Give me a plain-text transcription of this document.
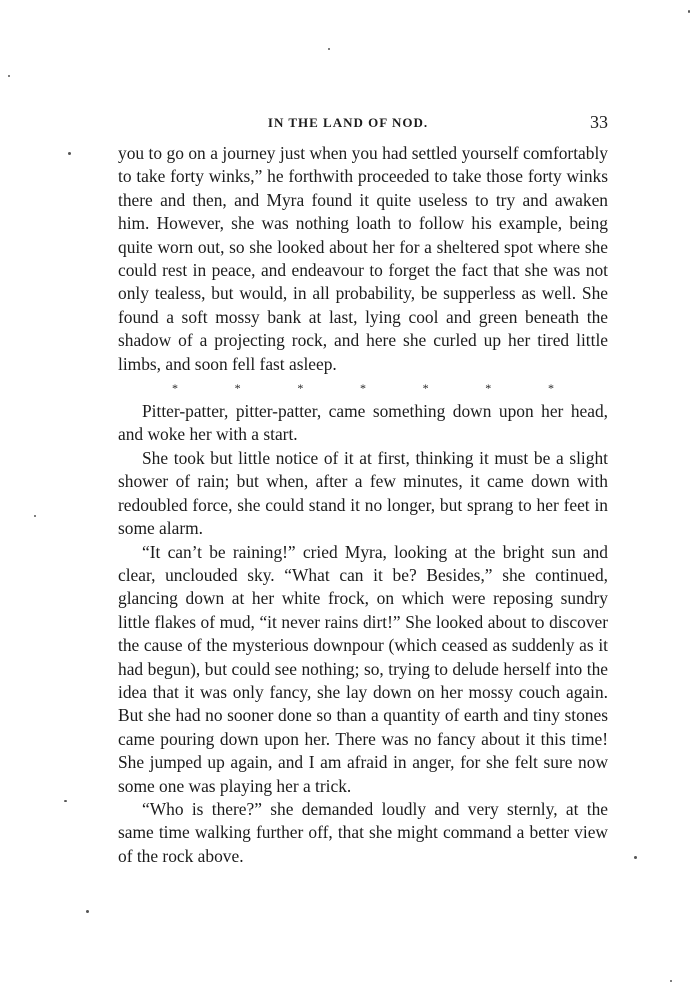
IN THE LAND OF NOD.	33

you to go on a journey just when you had settled yourself comfortably to take forty winks,” he forthwith proceeded to take those forty winks there and then, and Myra found it quite useless to try and awaken him. However, she was nothing loath to follow his example, being quite worn out, so she looked about her for a sheltered spot where she could rest in peace, and endeavour to forget the fact that she was not only tealess, but would, in all probability, be supperless as well. She found a soft mossy bank at last, lying cool and green beneath the shadow of a projecting rock, and here she curled up her tired little limbs, and soon fell fast asleep.

*	*	*	*	*	*	*

Pitter-patter, pitter-patter, came something down upon her head, and woke her with a start.

She took but little notice of it at first, thinking it must be a slight shower of rain; but when, after a few minutes, it came down with redoubled force, she could stand it no longer, but sprang to her feet in some alarm.

“It can’t be raining!” cried Myra, looking at the bright sun and clear, unclouded sky. “What can it be? Besides,” she continued, glancing down at her white frock, on which were reposing sundry little flakes of mud, “it never rains dirt!” She looked about to discover the cause of the mysterious downpour (which ceased as suddenly as it had begun), but could see nothing; so, trying to delude herself into the idea that it was only fancy, she lay down on her mossy couch again. But she had no sooner done so than a quantity of earth and tiny stones came pouring down upon her. There was no fancy about it this time! She jumped up again, and I am afraid in anger, for she felt sure now some one was playing her a trick.

“Who is there?” she demanded loudly and very sternly, at the same time walking further off, that she might command a better view of the rock above.
